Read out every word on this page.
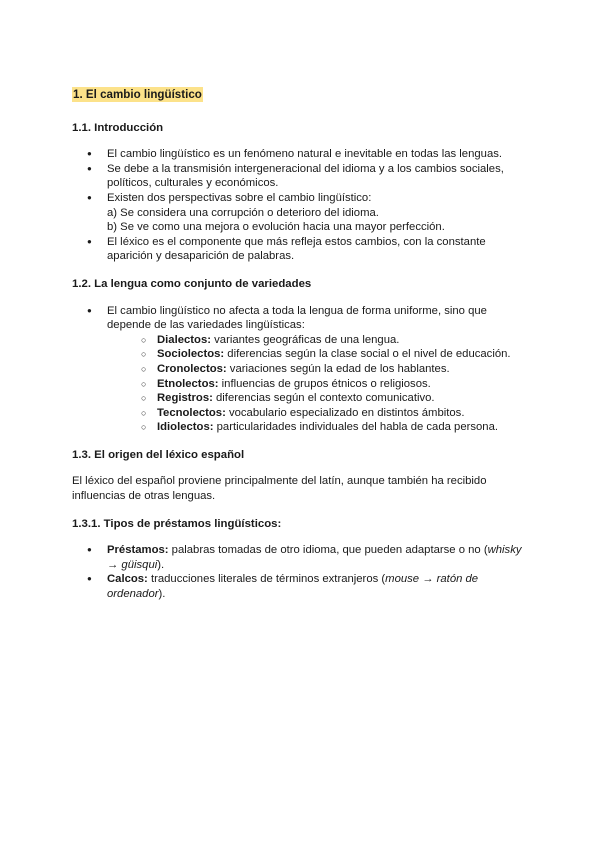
1. El cambio lingüístico
1.1. Introducción
● El cambio lingüístico es un fenómeno natural e inevitable en todas las lenguas.
● Se debe a la transmisión intergeneracional del idioma y a los cambios sociales, políticos, culturales y económicos.
● Existen dos perspectivas sobre el cambio lingüístico:
a) Se considera una corrupción o deterioro del idioma.
b) Se ve como una mejora o evolución hacia una mayor perfección.
● El léxico es el componente que más refleja estos cambios, con la constante aparición y desaparición de palabras.
1.2. La lengua como conjunto de variedades
● El cambio lingüístico no afecta a toda la lengua de forma uniforme, sino que depende de las variedades lingüísticas:
○ Dialectos: variantes geográficas de una lengua.
○ Sociolectos: diferencias según la clase social o el nivel de educación.
○ Cronolectos: variaciones según la edad de los hablantes.
○ Etnolectos: influencias de grupos étnicos o religiosos.
○ Registros: diferencias según el contexto comunicativo.
○ Tecnolectos: vocabulario especializado en distintos ámbitos.
○ Idiolectos: particularidades individuales del habla de cada persona.
1.3. El origen del léxico español

El léxico del español proviene principalmente del latín, aunque también ha recibido influencias de otras lenguas.

1.3.1. Tipos de préstamos lingüísticos:
● Préstamos: palabras tomadas de otro idioma, que pueden adaptarse o no (whisky → güisqui).
● Calcos: traducciones literales de términos extranjeros (mouse → ratón de ordenador).
